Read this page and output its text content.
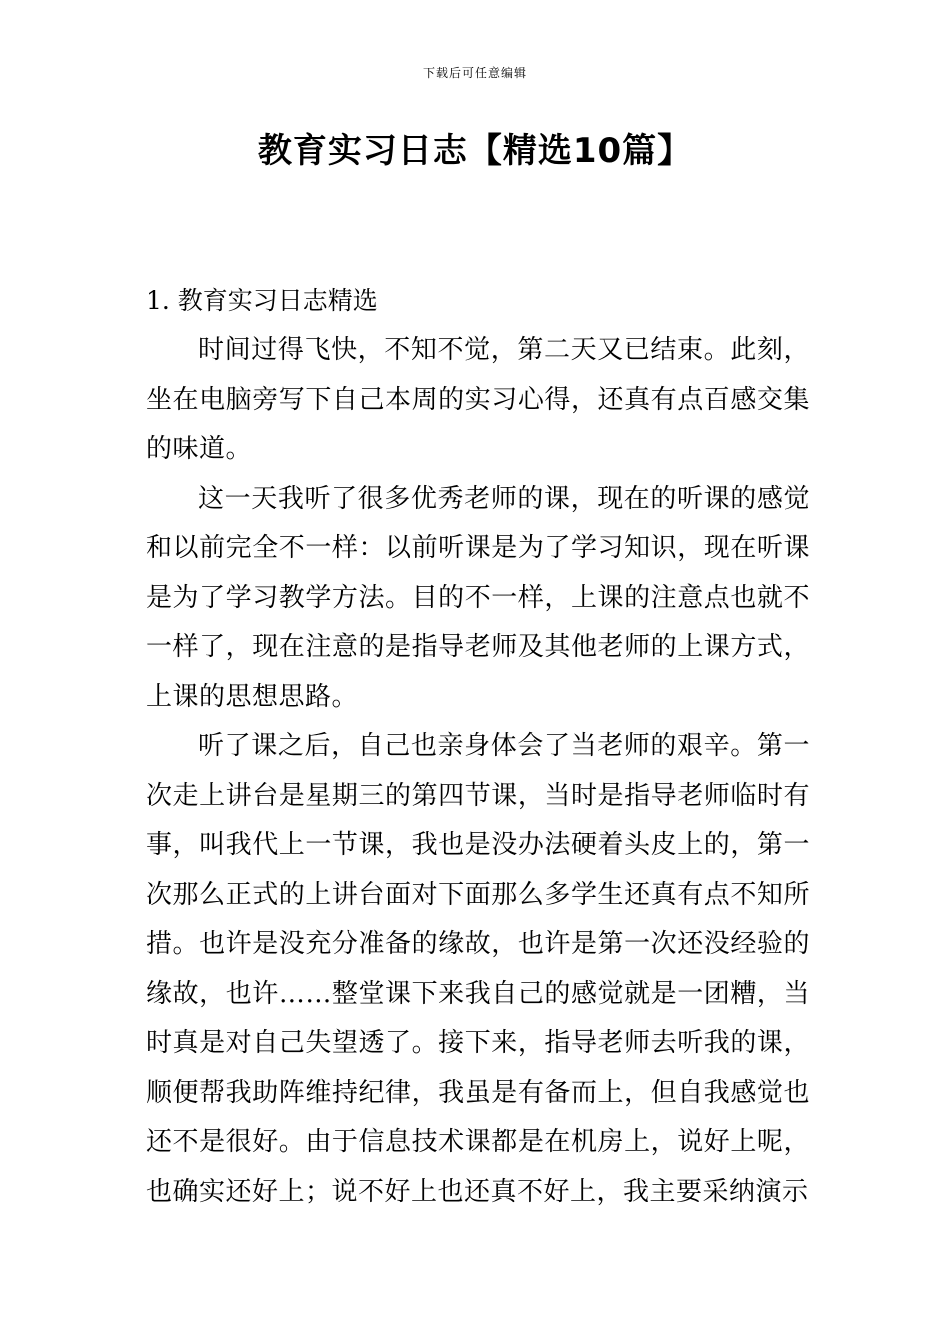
下载后可任意编辑
教育实习日志【精选10篇】

1. 教育实习日志精选

时间过得飞快，不知不觉，第二天又已结束。此刻，坐在电脑旁写下自己本周的实习心得，还真有点百感交集的味道。

这一天我听了很多优秀老师的课，现在的听课的感觉和以前完全不一样：以前听课是为了学习知识，现在听课是为了学习教学方法。目的不一样，上课的注意点也就不一样了，现在注意的是指导老师及其他老师的上课方式，上课的思想思路。

听了课之后，自己也亲身体会了当老师的艰辛。第一次走上讲台是星期三的第四节课，当时是指导老师临时有事，叫我代上一节课，我也是没办法硬着头皮上的，第一次那么正式的上讲台面对下面那么多学生还真有点不知所措。也许是没充分准备的缘故，也许是第一次还没经验的缘故，也许……整堂课下来我自己的感觉就是一团糟，当时真是对自己失望透了。接下来，指导老师去听我的课，顺便帮我助阵维持纪律，我虽是有备而上，但自我感觉也还不是很好。由于信息技术课都是在机房上，说好上呢，也确实还好上；说不好上也还真不好上，我主要采纳演示
